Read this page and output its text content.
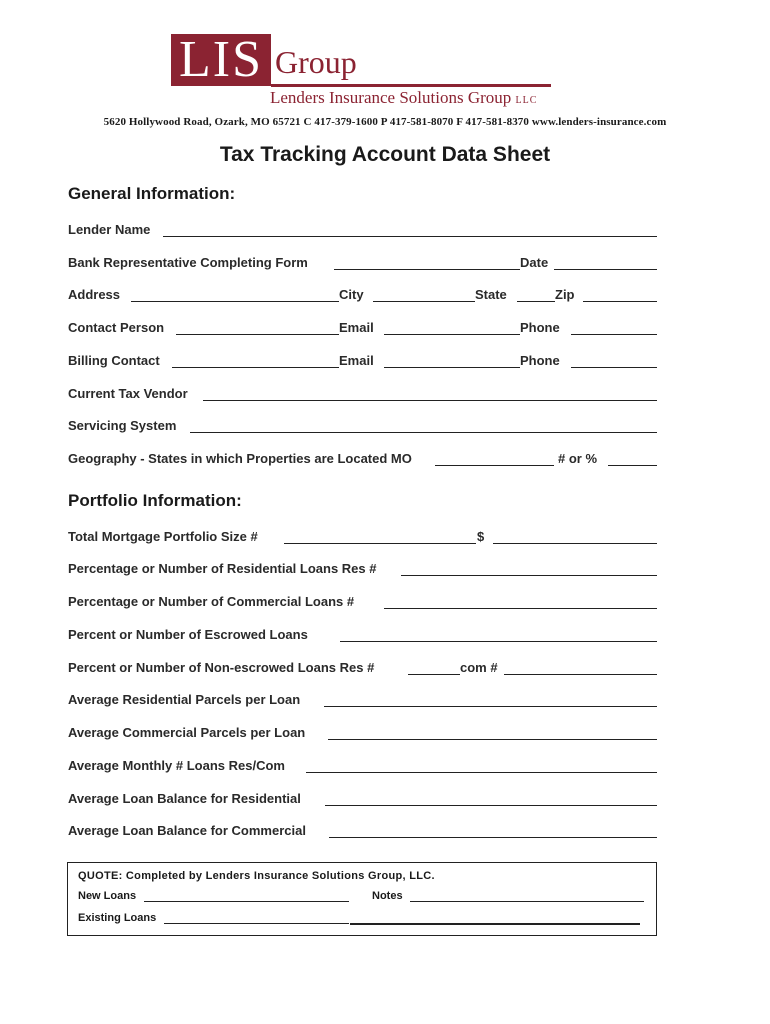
LIS Group
Lenders Insurance Solutions Group LLC
5620 Hollywood Road, Ozark, MO 65721 C 417-379-1600 P 417-581-8070 F 417-581-8370 www.lenders-insurance.com
Tax Tracking Account Data Sheet
General Information:
Lender Name
Bank Representative Completing Form	Date
Address	City	State	Zip
Contact Person	Email	Phone
Billing Contact	Email	Phone
Current Tax Vendor
Servicing System
Geography - States in which Properties are Located MO	# or %
Portfolio Information:
Total Mortgage Portfolio Size #	$
Percentage or Number of Residential Loans Res #
Percentage or Number of Commercial Loans #
Percent or Number of Escrowed Loans
Percent or Number of Non-escrowed Loans Res #	com #
Average Residential Parcels per Loan
Average Commercial Parcels per Loan
Average Monthly # Loans Res/Com
Average Loan Balance for Residential
Average Loan Balance for Commercial
QUOTE: Completed by Lenders Insurance Solutions Group, LLC.
New Loans	Notes
Existing Loans
